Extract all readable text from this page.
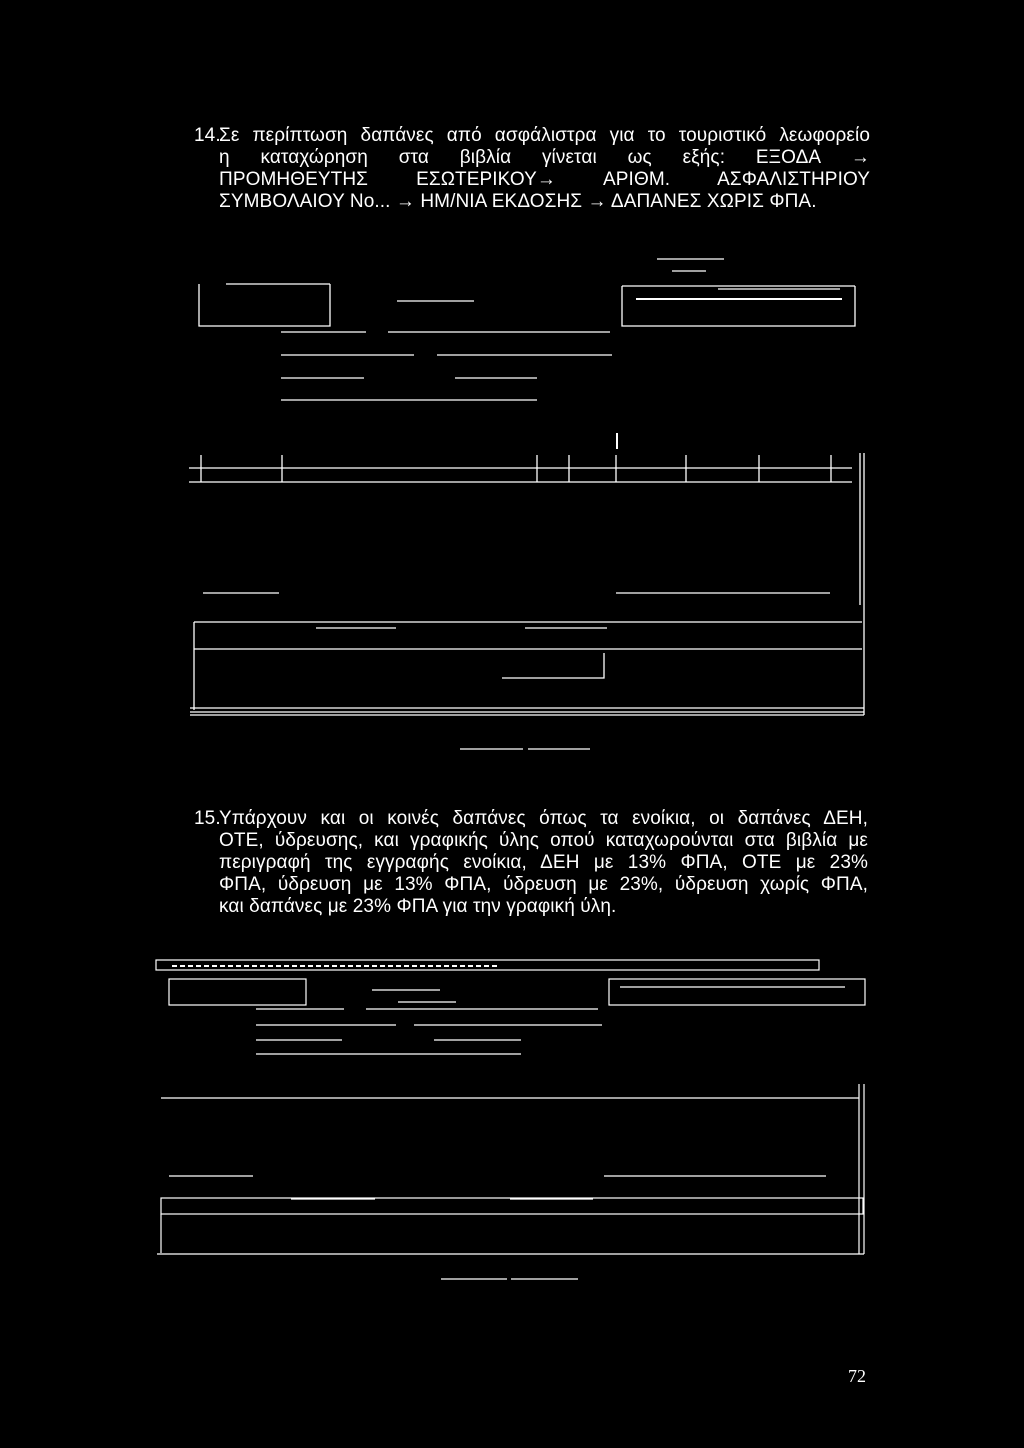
14.
Σε περίπτωση δαπάνες από ασφάλιστρα για το τουριστικό λεωφορείο
η καταχώρηση στα βιβλία γίνεται ως εξής: ΕΞΟΔΑ →
ΠΡΟΜΗΘΕΥΤΗΣ ΕΣΩΤΕΡΙΚΟΥ→ ΑΡΙΘΜ. ΑΣΦΑΛΙΣΤΗΡΙΟΥ
ΣΥΜΒΟΛΑΙΟΥ Νο... → ΗΜ/ΝΙΑ ΕΚΔΟΣΗΣ → ΔΑΠΑΝΕΣ ΧΩΡΙΣ ΦΠΑ.
15.
Υπάρχουν και οι κοινές δαπάνες όπως τα ενοίκια, οι δαπάνες ΔΕΗ,
ΟΤΕ, ύδρευσης, και γραφικής ύλης οπού καταχωρούνται στα βιβλία με
περιγραφή της εγγραφής ενοίκια, ΔΕΗ με 13% ΦΠΑ, ΟΤΕ με 23%
ΦΠΑ, ύδρευση με 13% ΦΠΑ, ύδρευση με 23%, ύδρευση χωρίς ΦΠΑ,
και δαπάνες με 23% ΦΠΑ για την γραφική ύλη.
72
